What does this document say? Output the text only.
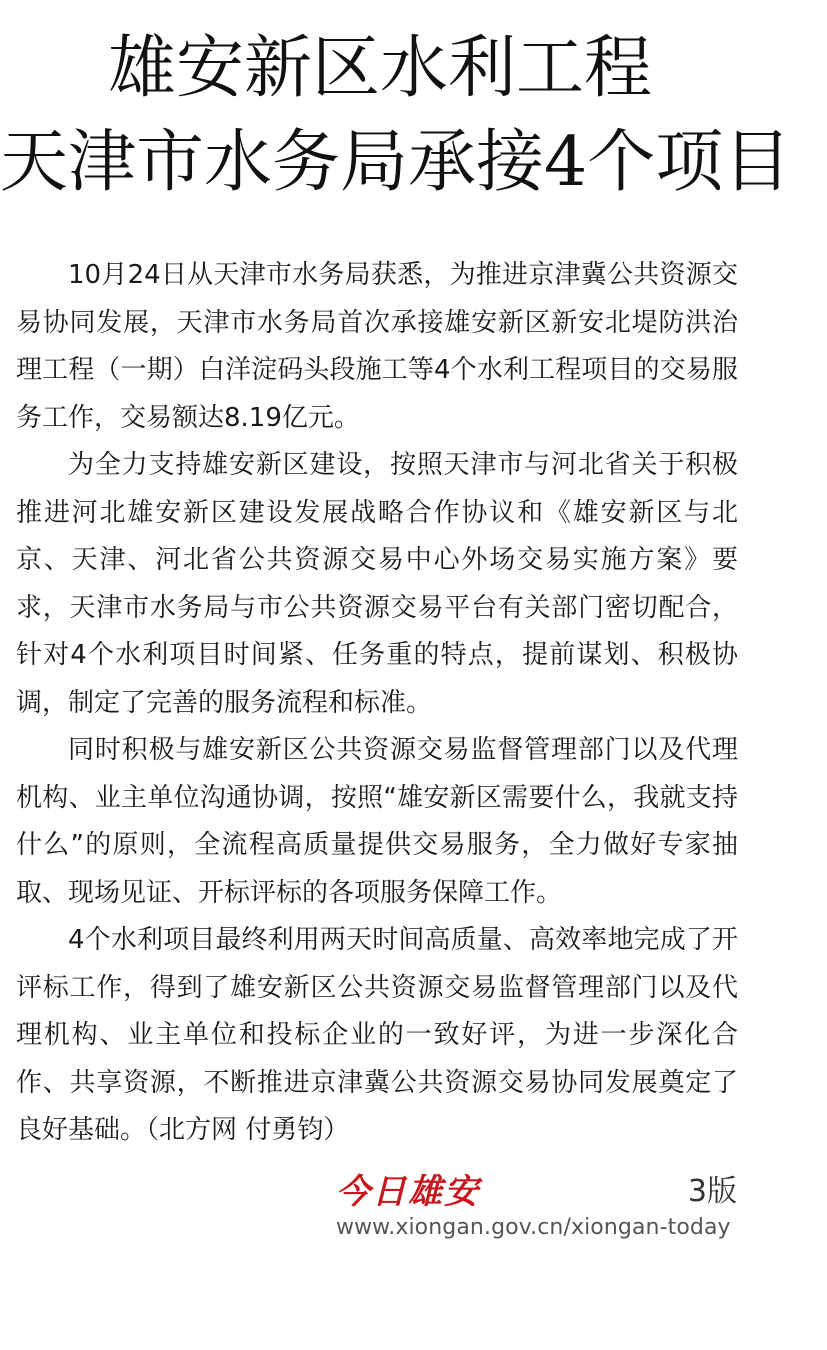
雄安新区水利工程
天津市水务局承接4个项目

10月24日从天津市水务局获悉，为推进京津冀公共资源交易协同发展，天津市水务局首次承接雄安新区新安北堤防洪治理工程（一期）白洋淀码头段施工等4个水利工程项目的交易服务工作，交易额达8.19亿元。

为全力支持雄安新区建设，按照天津市与河北省关于积极推进河北雄安新区建设发展战略合作协议和《雄安新区与北京、天津、河北省公共资源交易中心外场交易实施方案》要求，天津市水务局与市公共资源交易平台有关部门密切配合，针对4个水利项目时间紧、任务重的特点，提前谋划、积极协调，制定了完善的服务流程和标准。

同时积极与雄安新区公共资源交易监督管理部门以及代理机构、业主单位沟通协调，按照“雄安新区需要什么，我就支持什么”的原则，全流程高质量提供交易服务，全力做好专家抽取、现场见证、开标评标的各项服务保障工作。

4个水利项目最终利用两天时间高质量、高效率地完成了开评标工作，得到了雄安新区公共资源交易监督管理部门以及代理机构、业主单位和投标企业的一致好评，为进一步深化合作、共享资源，不断推进京津冀公共资源交易协同发展奠定了良好基础。（北方网 付勇钧）

今日雄安	3版
www.xiongan.gov.cn/xiongan-today
